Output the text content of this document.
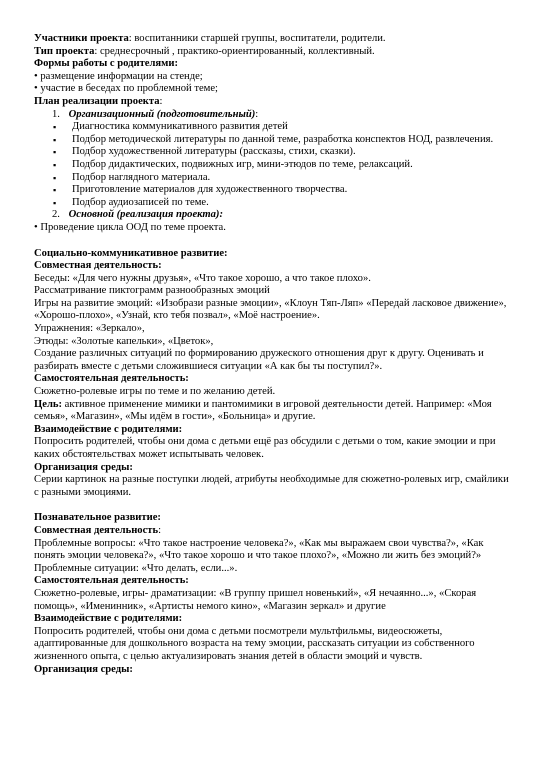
Участники проекта: воспитанники старшей группы, воспитатели, родители.

Тип проекта: среднесрочный , практико-ориентированный, коллективный.

Формы работы с родителями:

• размещение информации на стенде;

• участие в беседах по проблемной теме;

План реализации проекта:

1. Организационный (подготовительный):

▪ Диагностика коммуникативного развития детей
▪ Подбор методической литературы по данной теме, разработка конспектов НОД, развлечения.
▪ Подбор художественной литературы (рассказы, стихи, сказки).
▪ Подбор дидактических, подвижных игр, мини-этюдов по теме, релаксаций.
▪ Подбор наглядного материала.
▪ Приготовление материалов для художественного творчества.
▪ Подбор аудиозаписей по теме.

2. Основной (реализация проекта):

• Проведение цикла ООД по теме проекта.

Социально-коммуникативное развитие:

Совместная деятельность:

Беседы: «Для чего нужны друзья», «Что такое хорошо, а что такое плохо».

Рассматривание пиктограмм разнообразных эмоций

Игры на развитие эмоций: «Изобрази разные эмоции», «Клоун Тяп-Ляп» «Передай ласковое движение», «Хорошо-плохо», «Узнай, кто тебя позвал», «Моё настроение».

Упражнения: «Зеркало»,

Этюды: «Золотые капельки», «Цветок»,

Создание различных ситуаций по формированию дружеского отношения друг к другу. Оценивать и разбирать вместе с детьми сложившиеся ситуации «А как бы ты поступил?».

Самостоятельная деятельность:

Сюжетно-ролевые игры по теме и по желанию детей.

Цель: активное применение мимики и пантомимики в игровой деятельности детей. Например: «Моя семья», «Магазин», «Мы идём в гости», «Больница» и другие.

Взаимодействие с родителями:

Попросить родителей, чтобы они дома с детьми ещё раз обсудили с детьми о том, какие эмоции и при каких обстоятельствах может испытывать человек.

Организация среды:

Серии картинок на разные поступки людей, атрибуты необходимые для сюжетно-ролевых игр, смайлики с разными эмоциями.

Познавательное развитие:

Совместная деятельность:

Проблемные вопросы: «Что такое настроение человека?», «Как мы выражаем свои чувства?», «Как понять эмоции человека?», «Что такое хорошо и что такое плохо?», «Можно ли жить без эмоций?»

Проблемные ситуации: «Что делать, если...».

Самостоятельная деятельность:

Сюжетно-ролевые, игры- драматизации: «В группу пришел новенький», «Я нечаянно...», «Скорая помощь», «Именинник», «Артисты немого кино», «Магазин зеркал» и другие

Взаимодействие с родителями:

Попросить родителей, чтобы они дома с детьми посмотрели мультфильмы, видеосюжеты, адаптированные для дошкольного возраста на тему эмоции, рассказать ситуации из собственного жизненного опыта, с целью актуализировать знания детей в области эмоций и чувств.

Организация среды:
